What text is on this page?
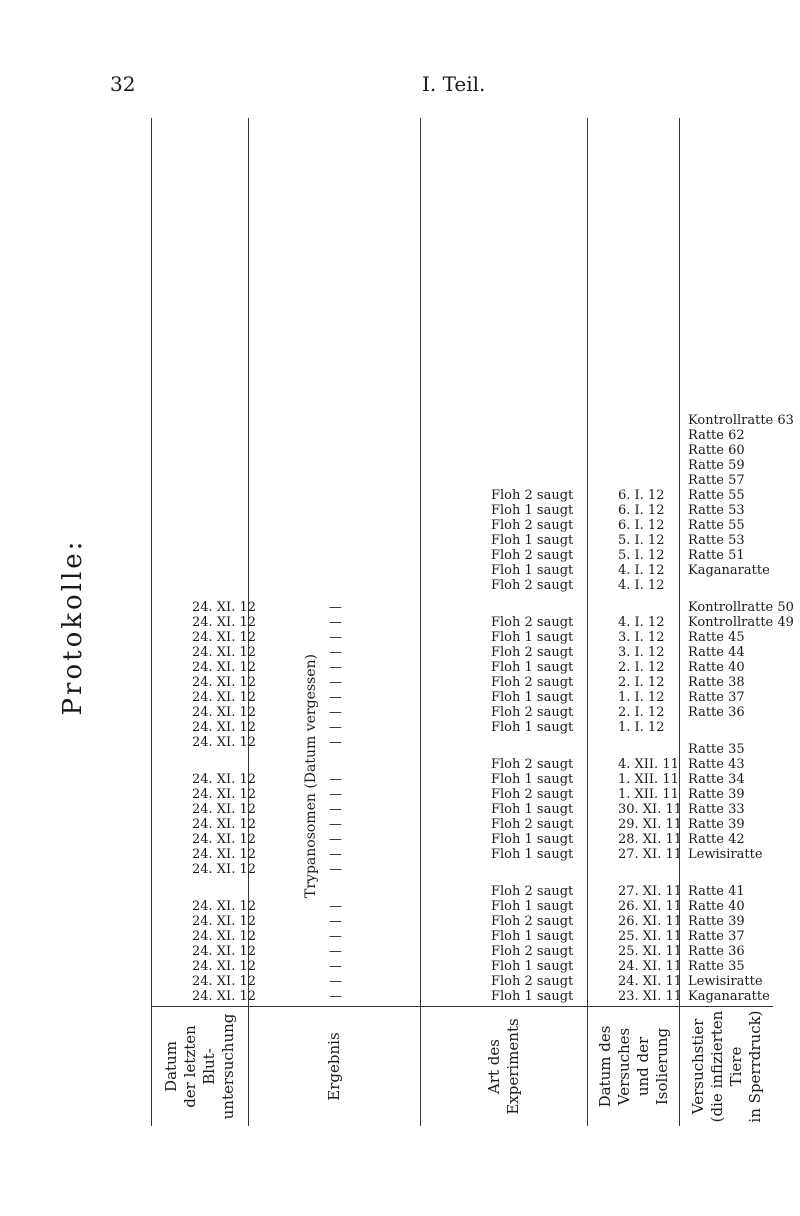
32	I. Teil.
Protokolle:
Datum der letzten Blut- untersuchung
24. XI. 12
24. XI. 12
24. XI. 12
24. XI. 12
24. XI. 12
24. XI. 12
24. XI. 12
24. XI. 12
24. XI. 12
24. XI. 12
24. XI. 12
24. XI. 12
24. XI. 12
24. XI. 12
24. XI. 12
24. XI. 12
24. XI. 12
24. XI. 12
24. XI. 12
24. XI. 12
24. XI. 12
24. XI. 12
24. XI. 12
24. XI. 12
Ergebnis
Trypanosomen (Datum vergessen)
—
—
—
—
—
—
—
—
—
—
—
—
—
—
—
—
—
—
—
—
—
—
—
—
Art des Experiments
Floh 1 saugt
Floh 2 saugt
Floh 1 saugt
Floh 2 saugt
Floh 1 saugt
Floh 2 saugt
Floh 1 saugt
Floh 2 saugt
Floh 1 saugt
Floh 1 saugt
Floh 2 saugt
Floh 1 saugt
Floh 2 saugt
Floh 1 saugt
Floh 2 saugt
Floh 1 saugt
Floh 2 saugt
Floh 1 saugt
Floh 2 saugt
Floh 1 saugt
Floh 2 saugt
Floh 1 saugt
Floh 2 saugt
Floh 2 saugt
Floh 1 saugt
Floh 2 saugt
Floh 1 saugt
Floh 2 saugt
Floh 1 saugt
Floh 2 saugt
Datum des Versuches und der Isolierung
23. XI. 11
24. XI. 11
24. XI. 11
25. XI. 11
25. XI. 11
26. XI. 11
26. XI. 11
27. XI. 11
27. XI. 11
28. XI. 11
29. XI. 11
30. XI. 11
1. XII. 11
1. XII. 11
4. XII. 11
1. I. 12
2. I. 12
1. I. 12
2. I. 12
2. I. 12
3. I. 12
3. I. 12
4. I. 12
4. I. 12
4. I. 12
5. I. 12
5. I. 12
6. I. 12
6. I. 12
6. I. 12
Versuchstier (die infizierten Tiere in Sperrdruck)
Kaganaratte
Lewisiratte
Ratte 35
Ratte 36
Ratte 37
Ratte 39
Ratte 40
Ratte 41
Lewisiratte
Ratte 42
Ratte 39
Ratte 33
Ratte 39
Ratte 34
Ratte 43
Ratte 35
Ratte 36
Ratte 37
Ratte 38
Ratte 40
Ratte 44
Ratte 45
Kontrollratte 49
Kontrollratte 50
Kaganaratte
Ratte 51
Ratte 53
Ratte 55
Ratte 53
Ratte 55
Ratte 57
Ratte 59
Ratte 60
Ratte 62
Kontrollratte 63
